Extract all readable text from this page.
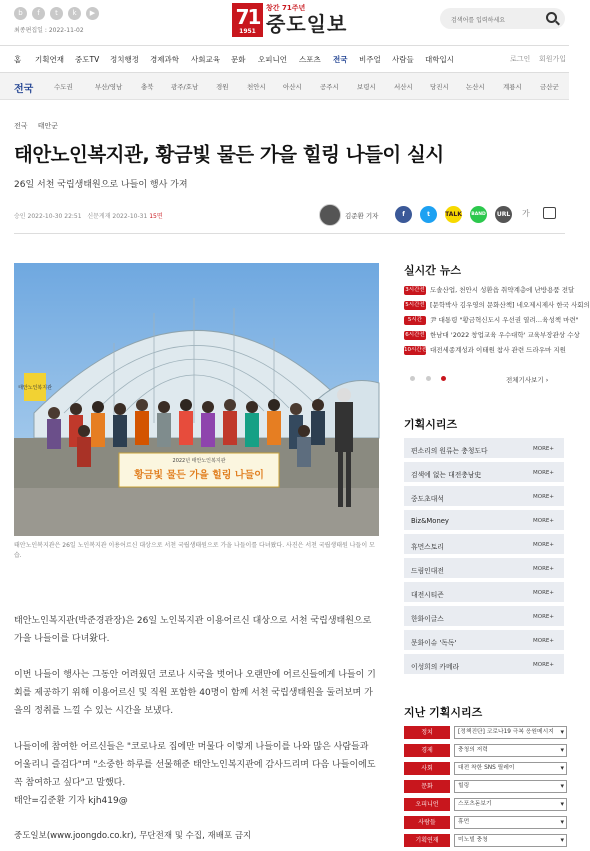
b	f	t	k	▶
최종편집일 : 2022-11-02
71
1951
창간 71주년
중도일보	검색어를 입력하세요
홈 기획연재 중도TV 정치행정 경제과학 사회교육 문화 오피니언 스포츠 전국 비주얼 사람들 대학입시	로그인 회원가입
전국	수도권	부산/영남	충북	광주/호남	경원	천안시	아산시	공주시	보령시	서산시	당진시	논산시	계룡시	금산군
전국 태안군
태안노인복지관, 황금빛 물든 가을 힐링 나들이 실시
26일 서천 국립생태원으로 나들이 행사 가져
승인 2022-10-30 22:51 신문게재 2022-10-31 15면	김준환 기자	f	t	TALK BAND	URL 가
태안노인복지관
2022년 태안노인복지관
황금빛 물든 가을 힐링 나들이
태안노인복지관은 26일 노인복지관 이용어르신 대상으로 서천 국립생태원으로 가을 나들이를 다녀왔다. 사진은 서천 국립생태원 나들이 모습.
태안노인복지관(박준경관장)은 26일 노인복지관 이용어르신 대상으로 서천 국립생태원으로 가을 나들이를 다녀왔다.
이번 나들이 행사는 그동안 어려웠던 코로나 시국을 벗어나 오랜만에 어르신들에게 나들이 기회를 제공하기 위해 이용어르신 및 직원 포함한 40명이 함께 서천 국립생태원을 둘러보며 가을의 정취를 느낄 수 있는 시간을 보냈다.
나들이에 참여한 어르신들은 "코로나로 집에만 머물다 이렇게 나들이를 나와 많은 사람들과 어울리니 즐겁다"며 "소중한 하루를 선물해준 태안노인복지관에 감사드리며 다음 나들이에도 꼭 참여하고 싶다"고 말했다.
태안=김준환 기자 kjh419@
중도일보(www.joongdo.co.kr), 무단전재 및 수집, 재배포 금지
실시간 뉴스
3시간전 도솔산업, 천안시 성환읍 취약계층에 난방용품 전달
5시간전 [문학박사 김우영의 문화산책] 네오제시제사 한국 사회의
5시간 尹 대통령 "황금혁신도시 우선권 열려…육성책 마련"
6시간전 한남대 '2022 창업교육 우수대학' 교육부장관상 수상
10시간전 대전세종계성과 이태원 참사 관련 드라우마 지원
전체기사보기 ›
기획시리즈
편소리의 원류는 충청도다	MORE+
검색에 없는 대전충남史	MORE+
중도초대석	MORE+
Biz&Money	MORE+
휴먼스토리	MORE+
드림인대전	MORE+
대전시티즌	MORE+
한화이글스	MORE+
문화이슈 '독독'	MORE+
이성희의 카메라	MORE+
지난 기획시리즈
정치	[정책진단] 코로나19 극복 응원메시지 ▾
경제	충청의 저력 ▾
사회	대전 착한 SNS 릴레이 ▾
문화	힐링 ▾
오피니언	스포츠돋보기 ▾
사람들	휴먼 ▾
기획연재	미노빌 충청 ▾
